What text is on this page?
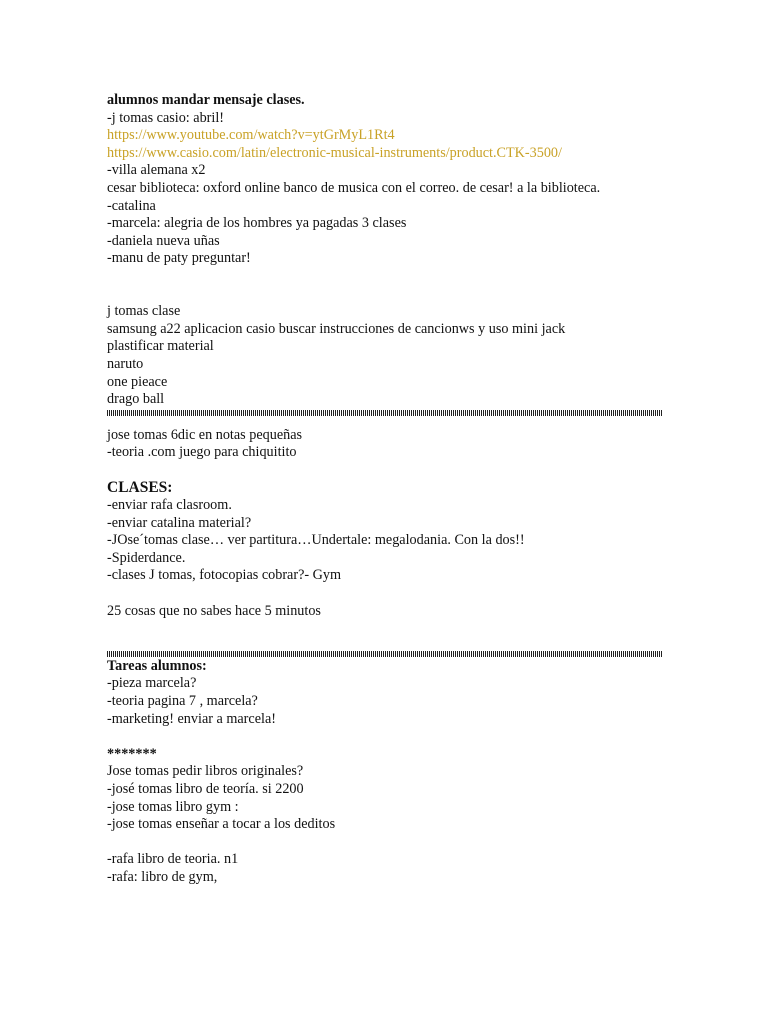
alumnos mandar mensaje clases.
-j tomas casio: abril!
https://www.youtube.com/watch?v=ytGrMyL1Rt4
https://www.casio.com/latin/electronic-musical-instruments/product.CTK-3500/
-villa alemana x2
cesar biblioteca: oxford online banco de musica con el correo. de cesar! a la biblioteca.
-catalina
-marcela: alegria de los hombres ya pagadas 3 clases
-daniela nueva uñas
-manu de paty preguntar!
j tomas clase
samsung a22 aplicacion casio buscar instrucciones de cancionws y uso mini jack
plastificar material
naruto
one pieace
drago ball
jose tomas 6dic en notas pequeñas
-teoria .com juego para chiquitito
CLASES:
-enviar rafa clasroom.
-enviar catalina material?
-JOse´tomas clase… ver partitura…Undertale: megalodania. Con la dos!!
-Spiderdance.
-clases J tomas, fotocopias cobrar?- Gym
25 cosas que no sabes hace 5 minutos
Tareas alumnos:
-pieza marcela?
-teoria pagina 7 , marcela?
-marketing! enviar a marcela!
*******
Jose tomas pedir libros originales?
-josé tomas libro de teoría. si 2200
-jose tomas libro gym :
-jose tomas enseñar a tocar a los deditos
-rafa libro de teoria. n1
-rafa: libro de gym,
